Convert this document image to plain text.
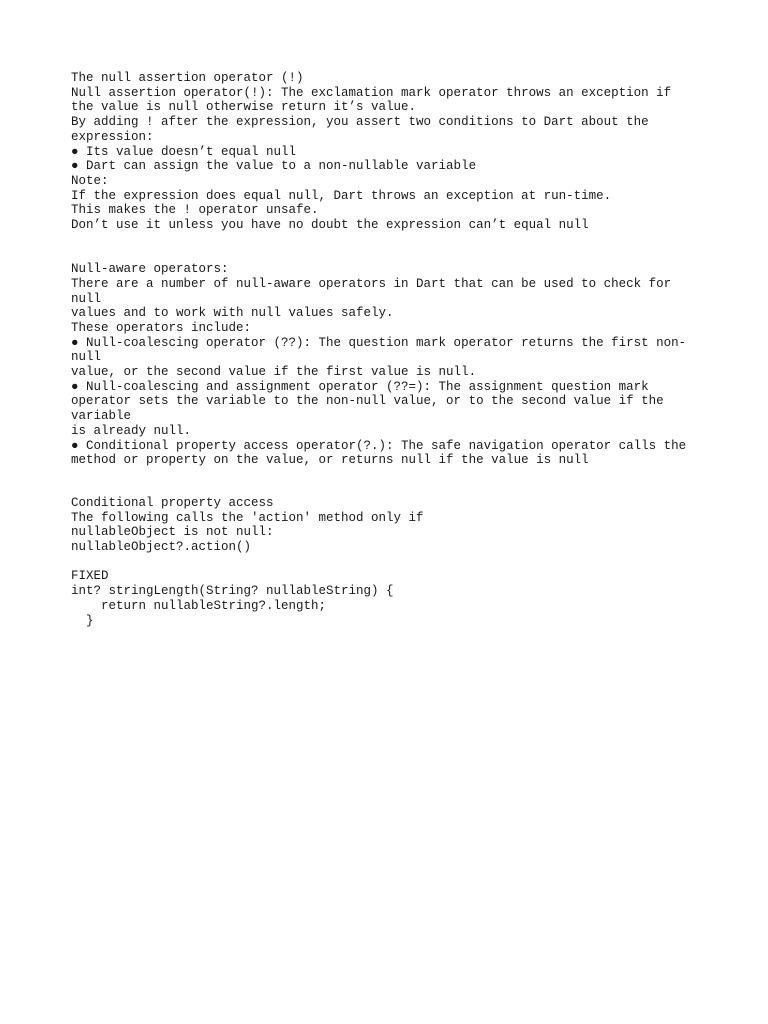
The null assertion operator (!)
Null assertion operator(!): The exclamation mark operator throws an exception if
the value is null otherwise return it’s value.
By adding ! after the expression, you assert two conditions to Dart about the
expression:
● Its value doesn’t equal null
● Dart can assign the value to a non-nullable variable
Note:
If the expression does equal null, Dart throws an exception at run-time.
This makes the ! operator unsafe.
Don’t use it unless you have no doubt the expression can’t equal null
Null-aware operators:
There are a number of null-aware operators in Dart that can be used to check for
null
values and to work with null values safely.
These operators include:
● Null-coalescing operator (??): The question mark operator returns the first non-
null
value, or the second value if the first value is null.
● Null-coalescing and assignment operator (??=): The assignment question mark
operator sets the variable to the non-null value, or to the second value if the
variable
is already null.
● Conditional property access operator(?.): The safe navigation operator calls the
method or property on the value, or returns null if the value is null
Conditional property access
The following calls the 'action' method only if
nullableObject is not null:
nullableObject?.action()
FIXED
int? stringLength(String? nullableString) {
return nullableString?.length;
}
